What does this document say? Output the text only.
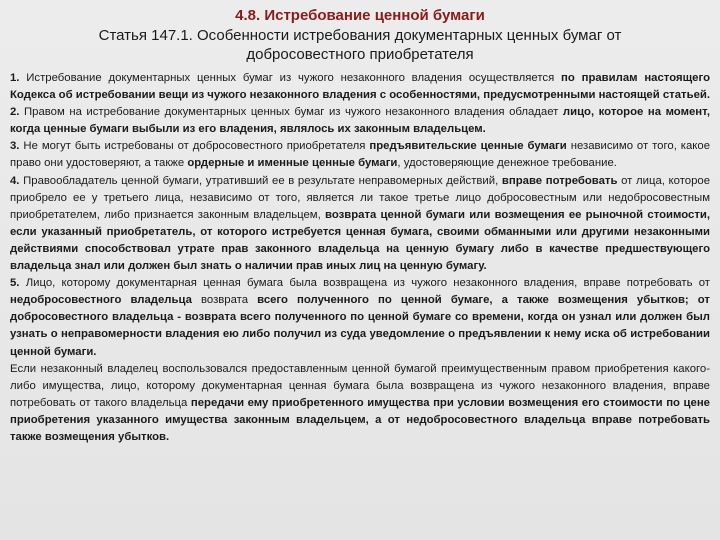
4.8. Истребование ценной бумаги
Статья 147.1. Особенности истребования документарных ценных бумаг от добросовестного приобретателя

1. Истребование документарных ценных бумаг из чужого незаконного владения осуществляется по правилам настоящего Кодекса об истребовании вещи из чужого незаконного владения с особенностями, предусмотренными настоящей статьей.

2. Правом на истребование документарных ценных бумаг из чужого незаконного владения обладает лицо, которое на момент, когда ценные бумаги выбыли из его владения, являлось их законным владельцем.

3. Не могут быть истребованы от добросовестного приобретателя предъявительские ценные бумаги независимо от того, какое право они удостоверяют, а также ордерные и именные ценные бумаги, удостоверяющие денежное требование.

4. Правообладатель ценной бумаги, утративший ее в результате неправомерных действий, вправе потребовать от лица, которое приобрело ее у третьего лица, независимо от того, является ли такое третье лицо добросовестным или недобросовестным приобретателем, либо признается законным владельцем, возврата ценной бумаги или возмещения ее рыночной стоимости, если указанный приобретатель, от которого истребуется ценная бумага, своими обманными или другими незаконными действиями способствовал утрате прав законного владельца на ценную бумагу либо в качестве предшествующего владельца знал или должен был знать о наличии прав иных лиц на ценную бумагу.

5. Лицо, которому документарная ценная бумага была возвращена из чужого незаконного владения, вправе потребовать от недобросовестного владельца возврата всего полученного по ценной бумаге, а также возмещения убытков; от добросовестного владельца - возврата всего полученного по ценной бумаге со времени, когда он узнал или должен был узнать о неправомерности владения ею либо получил из суда уведомление о предъявлении к нему иска об истребовании ценной бумаги.

Если незаконный владелец воспользовался предоставленным ценной бумагой преимущественным правом приобретения какого-либо имущества, лицо, которому документарная ценная бумага была возвращена из чужого незаконного владения, вправе потребовать от такого владельца передачи ему приобретенного имущества при условии возмещения его стоимости по цене приобретения указанного имущества законным владельцем, а от недобросовестного владельца вправе потребовать также возмещения убытков.
